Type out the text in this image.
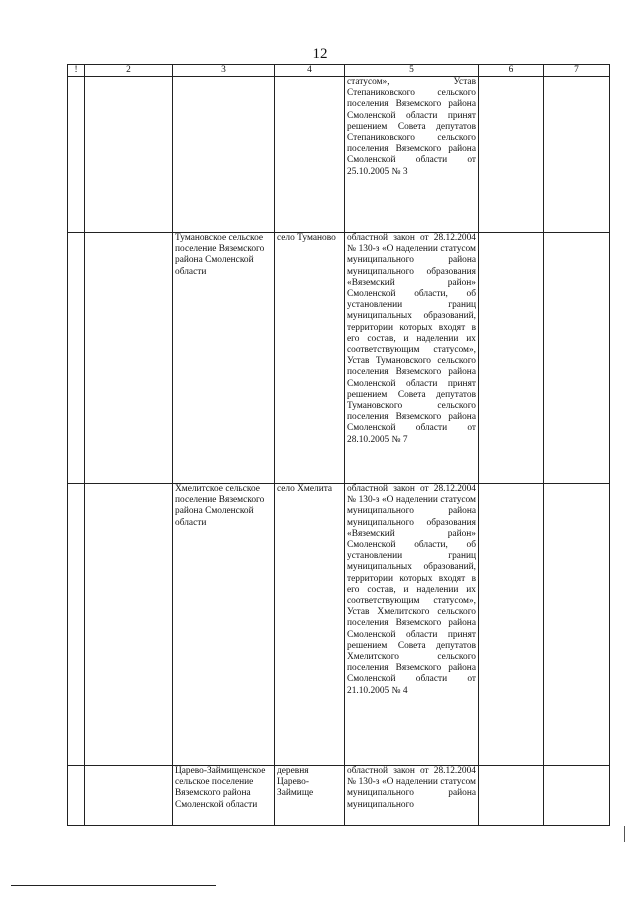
12
!	2	3	4	5	6	7
				статусом», Устав Степаниковского сельского поселения Вяземского района Смоленской области принят решением Совета депутатов Степаниковского сельского поселения Вяземского района Смоленской области от 25.10.2005 № 3		
		Тумановское сельское поселение Вяземского района Смоленской области	село Туманово	областной закон от 28.12.2004 № 130-з «О наделении статусом муниципального района муниципального образования «Вяземский район» Смоленской области, об установлении границ муниципальных образований, территории которых входят в его состав, и наделении их соответствующим статусом», Устав Тумановского сельского поселения Вяземского района Смоленской области принят решением Совета депутатов Тумановского сельского поселения Вяземского района Смоленской области от 28.10.2005 № 7		
		Хмелитское сельское поселение Вяземского района Смоленской области	село Хмелита	областной закон от 28.12.2004 № 130-з «О наделении статусом муниципального района муниципального образования «Вяземский район» Смоленской области, об установлении границ муниципальных образований, территории которых входят в его состав, и наделении их соответствующим статусом», Устав Хмелитского сельского поселения Вяземского района Смоленской области принят решением Совета депутатов Хмелитского сельского поселения Вяземского района Смоленской области от 21.10.2005 № 4		
		Царево-Займищенское сельское поселение Вяземского района Смоленской области	деревня Царево-Займище	областной закон от 28.12.2004 № 130-з «О наделении статусом муниципального района муниципального		
